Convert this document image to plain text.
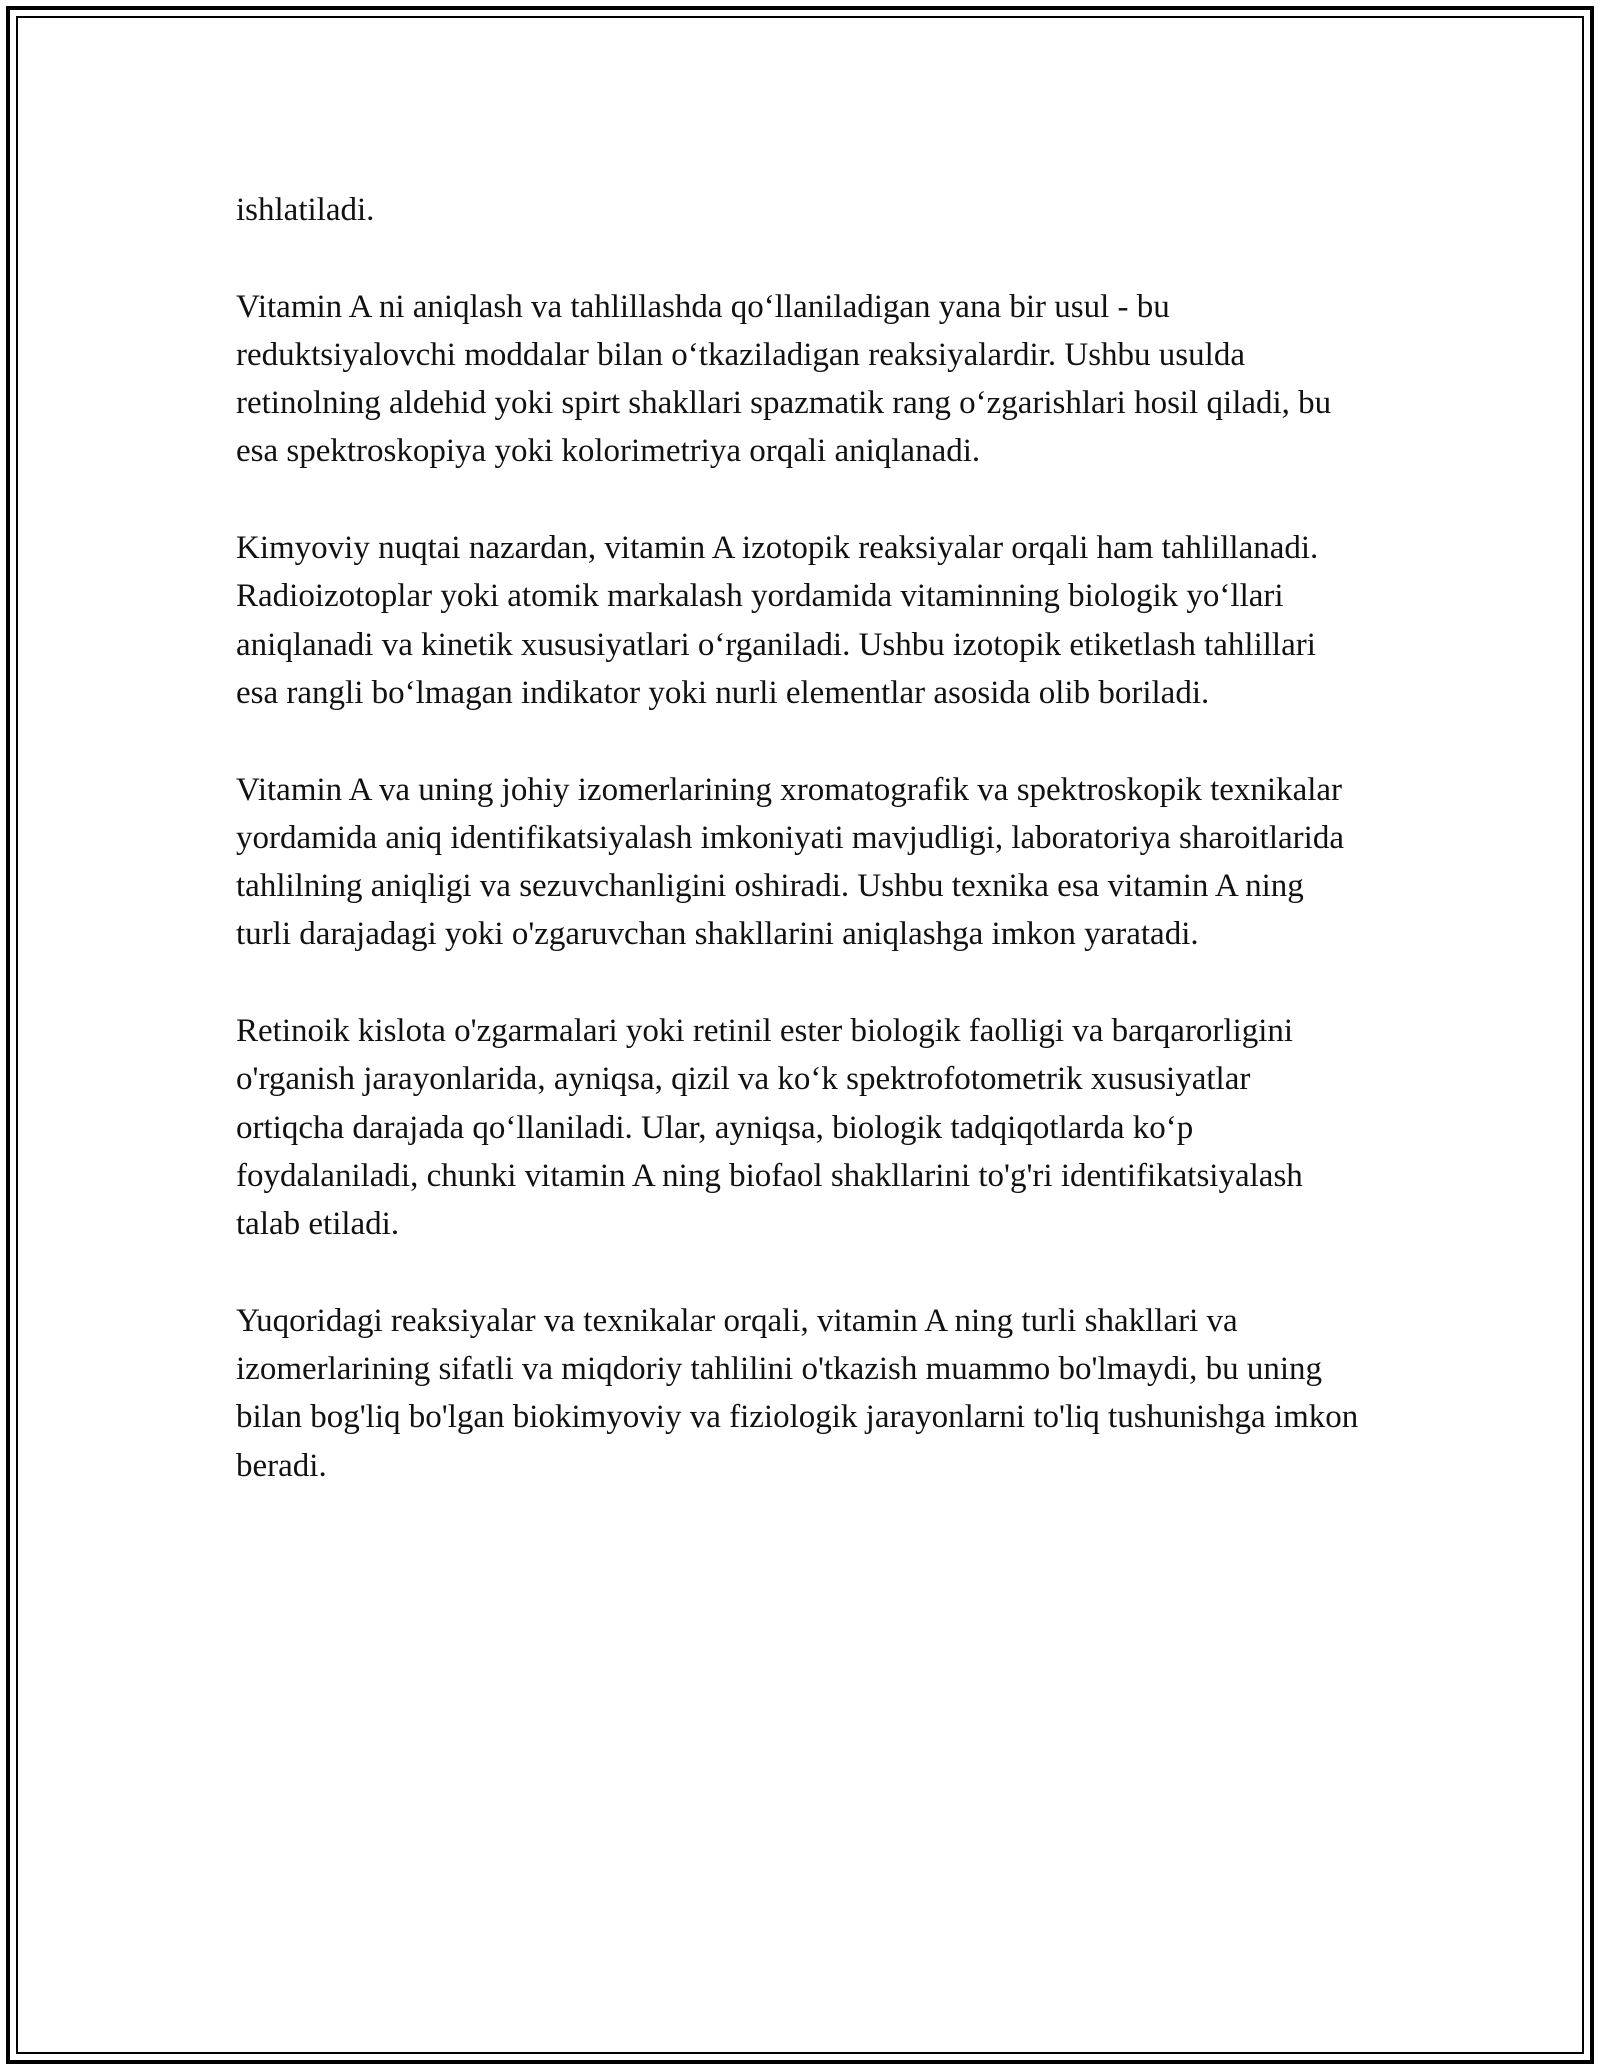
ishlatiladi.

Vitamin A ni aniqlash va tahlillashda qo‘llaniladigan yana bir usul - bu reduktsiyalovchi moddalar bilan o‘tkaziladigan reaksiyalardir. Ushbu usulda retinolning aldehid yoki spirt shakllari spazmatik rang o‘zgarishlari hosil qiladi, bu esa spektroskopiya yoki kolorimetriya orqali aniqlanadi.

Kimyoviy nuqtai nazardan, vitamin A izotopik reaksiyalar orqali ham tahlillanadi. Radioizotoplar yoki atomik markalash yordamida vitaminning biologik yo‘llari aniqlanadi va kinetik xususiyatlari o‘rganiladi. Ushbu izotopik etiketlash tahlillari esa rangli bo‘lmagan indikator yoki nurli elementlar asosida olib boriladi.

Vitamin A va uning johiy izomerlarining xromatografik va spektroskopik texnikalar yordamida aniq identifikatsiyalash imkoniyati mavjudligi, laboratoriya sharoitlarida tahlilning aniqligi va sezuvchanligini oshiradi. Ushbu texnika esa vitamin A ning turli darajadagi yoki o'zgaruvchan shakllarini aniqlashga imkon yaratadi.

Retinoik kislota o'zgarmalari yoki retinil ester biologik faolligi va barqarorligini o'rganish jarayonlarida, ayniqsa, qizil va ko‘k spektrofotometrik xususiyatlar ortiqcha darajada qo‘llaniladi. Ular, ayniqsa, biologik tadqiqotlarda ko‘p foydalaniladi, chunki vitamin A ning biofaol shakllarini to'g'ri identifikatsiyalash talab etiladi.

Yuqoridagi reaksiyalar va texnikalar orqali, vitamin A ning turli shakllari va izomerlarining sifatli va miqdoriy tahlilini o'tkazish muammo bo'lmaydi, bu uning bilan bog'liq bo'lgan biokimyoviy va fiziologik jarayonlarni to'liq tushunishga imkon beradi.
